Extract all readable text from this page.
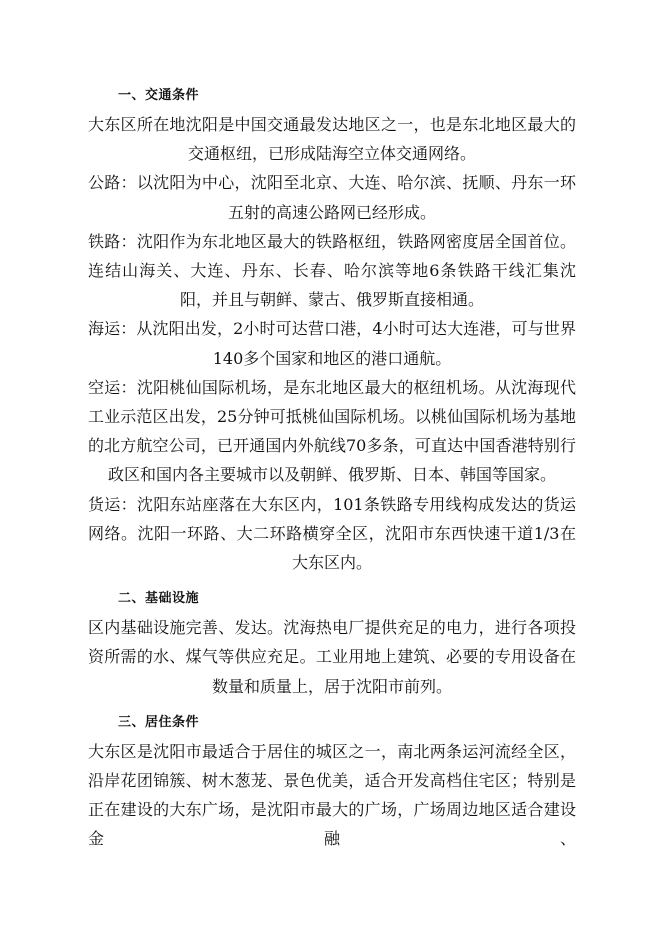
一、交通条件

大东区所在地沈阳是中国交通最发达地区之一，也是东北地区最大的交通枢纽，已形成陆海空立体交通网络。

公路：以沈阳为中心，沈阳至北京、大连、哈尔滨、抚顺、丹东一环五射的高速公路网已经形成。

铁路：沈阳作为东北地区最大的铁路枢纽，铁路网密度居全国首位。连结山海关、大连、丹东、长春、哈尔滨等地6条铁路干线汇集沈阳，并且与朝鲜、蒙古、俄罗斯直接相通。

海运：从沈阳出发，2小时可达营口港，4小时可达大连港，可与世界140多个国家和地区的港口通航。

空运：沈阳桃仙国际机场，是东北地区最大的枢纽机场。从沈海现代工业示范区出发，25分钟可抵桃仙国际机场。以桃仙国际机场为基地的北方航空公司，已开通国内外航线70多条，可直达中国香港特别行政区和国内各主要城市以及朝鲜、俄罗斯、日本、韩国等国家。

货运：沈阳东站座落在大东区内，101条铁路专用线构成发达的货运网络。沈阳一环路、大二环路横穿全区，沈阳市东西快速干道1/3在大东区内。

二、基础设施

区内基础设施完善、发达。沈海热电厂提供充足的电力，进行各项投资所需的水、煤气等供应充足。工业用地上建筑、必要的专用设备在数量和质量上，居于沈阳市前列。

三、居住条件

大东区是沈阳市最适合于居住的城区之一，南北两条运河流经全区，沿岸花团锦簇、树木葱茏、景色优美，适合开发高档住宅区；特别是正在建设的大东广场，是沈阳市最大的广场，广场周边地区适合建设金融、
